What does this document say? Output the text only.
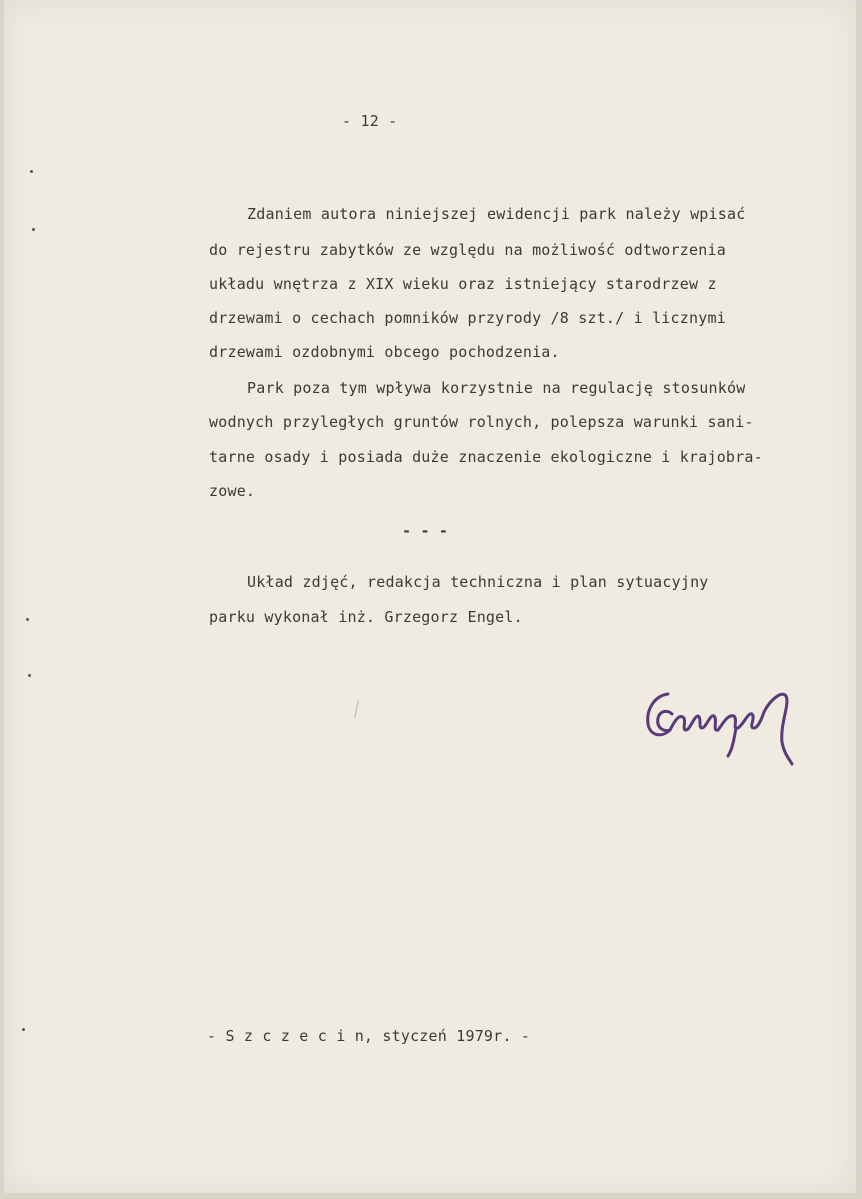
- 12 -
Zdaniem autora niniejszej ewidencji park należy wpisać
do rejestru zabytków ze względu na możliwość odtworzenia
układu wnętrza z XIX wieku oraz istniejący starodrzew z
drzewami o cechach pomników przyrody /8 szt./ i licznymi
drzewami ozdobnymi obcego pochodzenia.
Park poza tym wpływa korzystnie na regulację stosunków
wodnych przyległych gruntów rolnych, polepsza warunki sani-
tarne osady i posiada duże znaczenie ekologiczne i krajobra-
zowe.
- - -
Układ zdjęć, redakcja techniczna i plan sytuacyjny
parku wykonał inż. Grzegorz Engel.
- S z c z e c i n, styczeń 1979r. -
